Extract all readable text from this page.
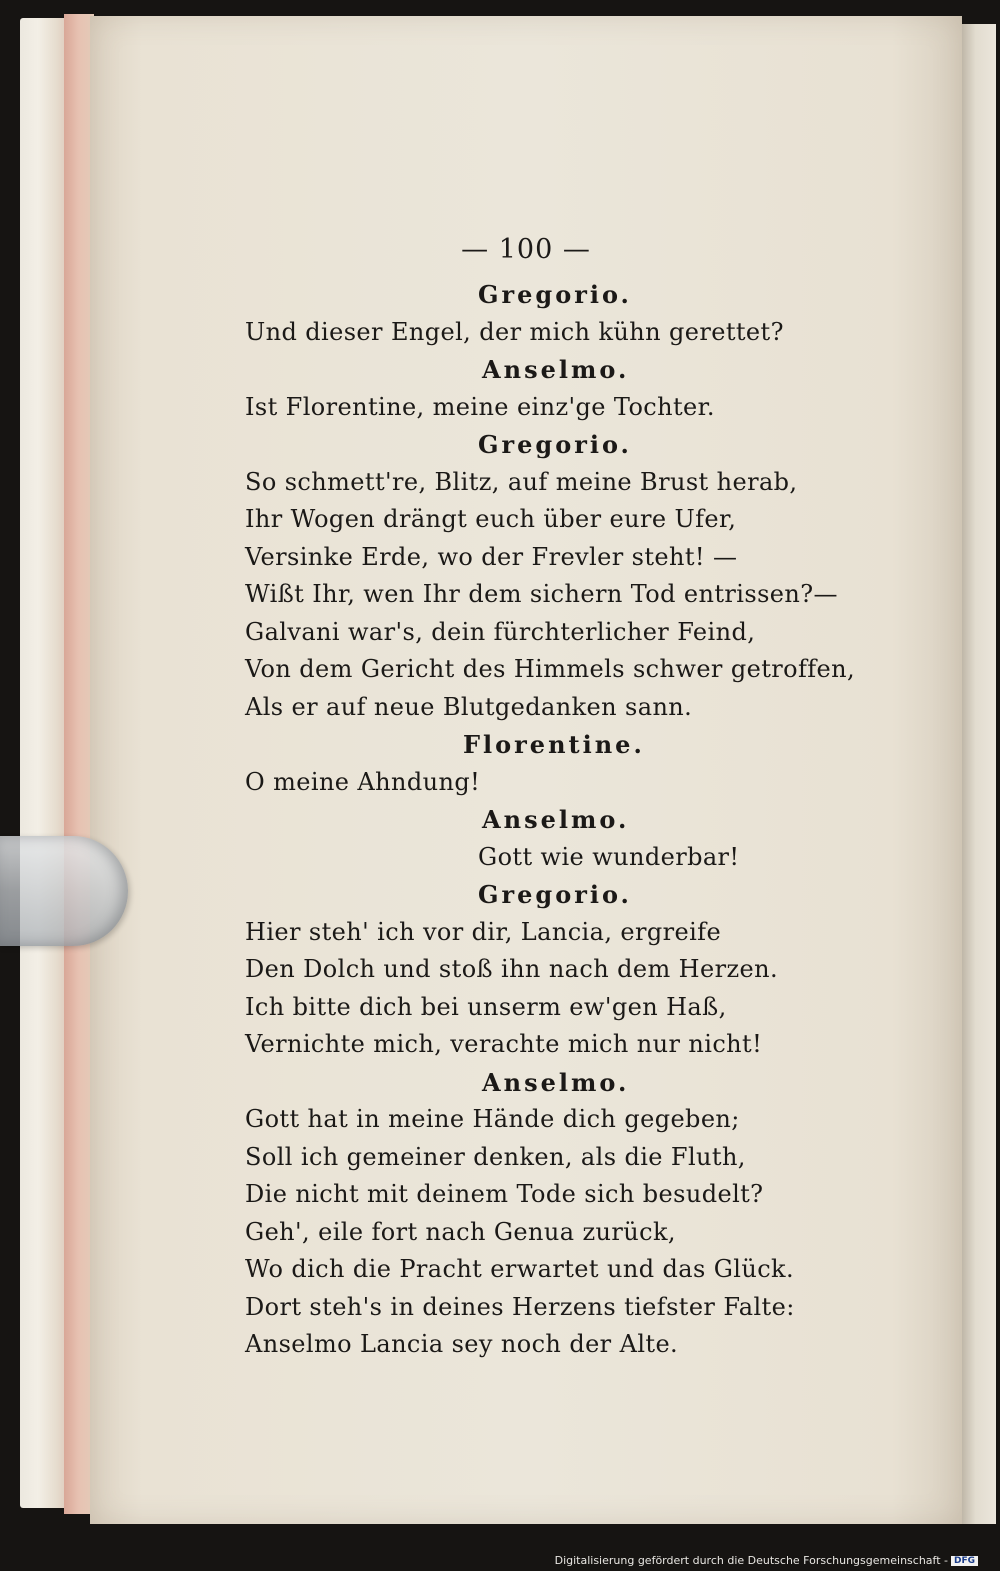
— 100 —
Gregorio.
Und dieser Engel, der mich kühn gerettet?
Anselmo.
Ist Florentine, meine einz'ge Tochter.
Gregorio.
So schmett're, Blitz, auf meine Brust herab,
Ihr Wogen drängt euch über eure Ufer,
Versinke Erde, wo der Frevler steht! —
Wißt Ihr, wen Ihr dem sichern Tod entrissen?—
Galvani war's, dein fürchterlicher Feind,
Von dem Gericht des Himmels schwer getroffen,
Als er auf neue Blutgedanken sann.
Florentine.
O meine Ahndung!
Anselmo.
Gott wie wunderbar!
Gregorio.
Hier steh' ich vor dir, Lancia, ergreife
Den Dolch und stoß ihn nach dem Herzen.
Ich bitte dich bei unserm ew'gen Haß,
Vernichte mich, verachte mich nur nicht!
Anselmo.
Gott hat in meine Hände dich gegeben;
Soll ich gemeiner denken, als die Fluth,
Die nicht mit deinem Tode sich besudelt?
Geh', eile fort nach Genua zurück,
Wo dich die Pracht erwartet und das Glück.
Dort steh's in deines Herzens tiefster Falte:
Anselmo Lancia sey noch der Alte.
Digitalisierung gefördert durch die Deutsche Forschungsgemeinschaft - DFG
